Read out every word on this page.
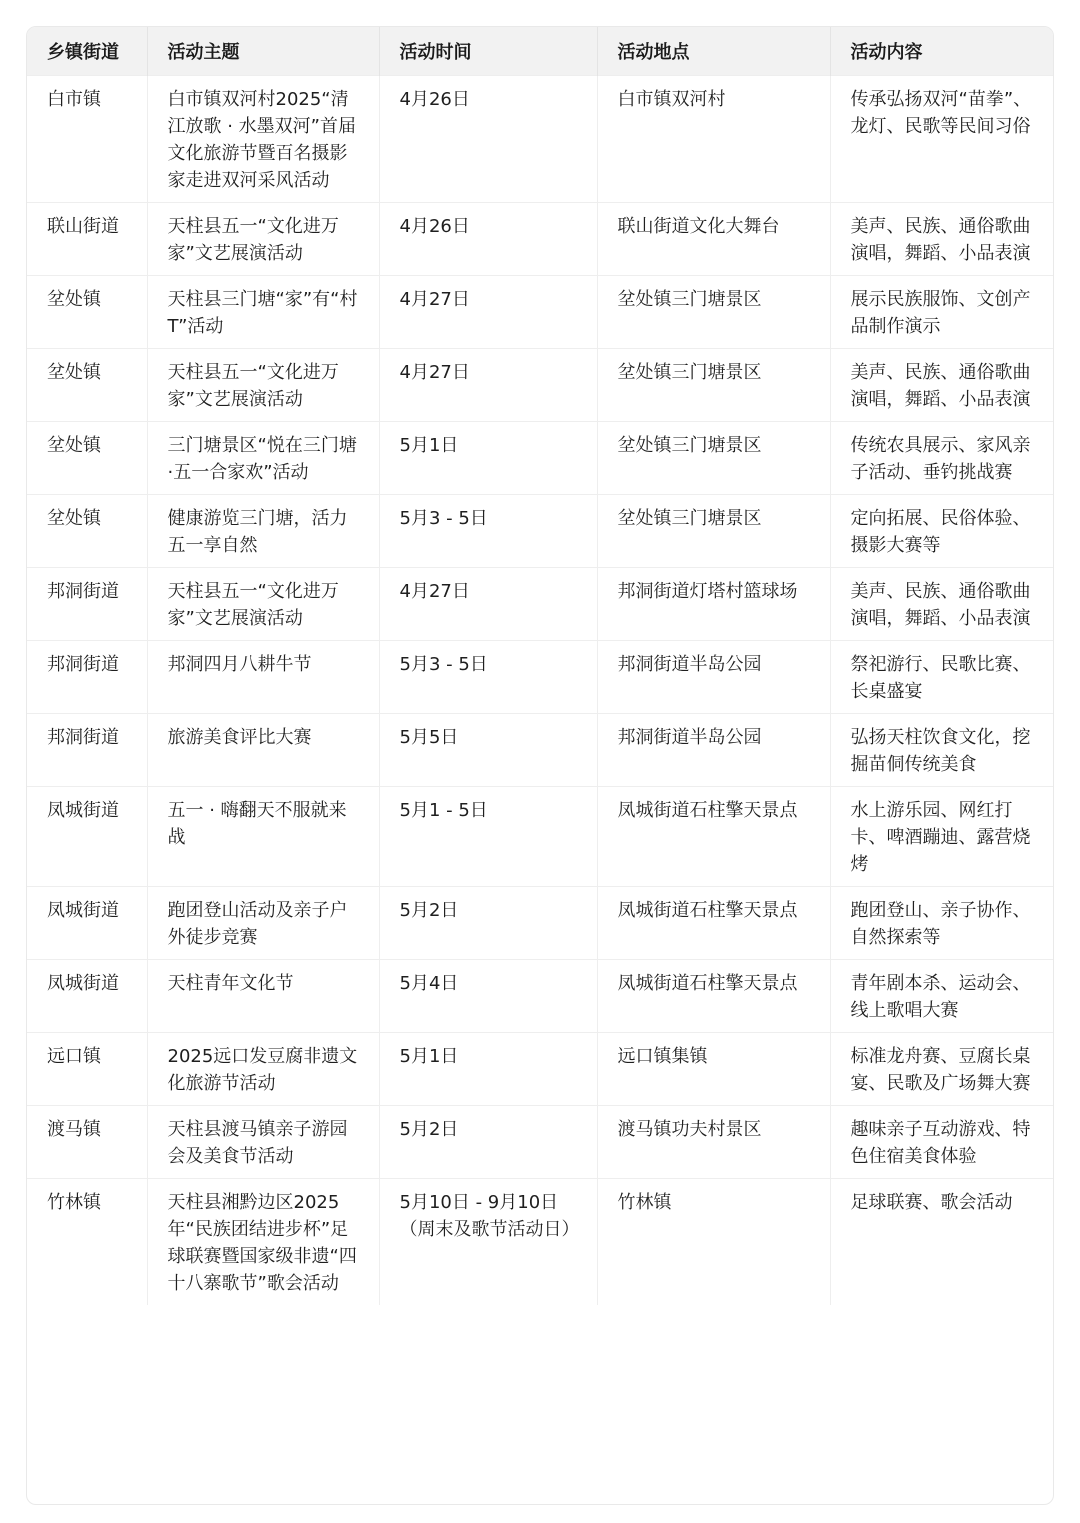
乡镇街道	活动主题	活动时间	活动地点	活动内容
白市镇	白市镇双河村2025“清江放歌 · 水墨双河”首届文化旅游节暨百名摄影家走进双河采风活动	4月26日	白市镇双河村	传承弘扬双河“苗拳”、龙灯、民歌等民间习俗
联山街道	天柱县五一“文化进万家”文艺展演活动	4月26日	联山街道文化大舞台	美声、民族、通俗歌曲演唱，舞蹈、小品表演
坌处镇	天柱县三门塘“家”有“村T”活动	4月27日	坌处镇三门塘景区	展示民族服饰、文创产品制作演示
坌处镇	天柱县五一“文化进万家”文艺展演活动	4月27日	坌处镇三门塘景区	美声、民族、通俗歌曲演唱，舞蹈、小品表演
坌处镇	三门塘景区“悦在三门塘·五一合家欢”活动	5月1日	坌处镇三门塘景区	传统农具展示、家风亲子活动、垂钓挑战赛
坌处镇	健康游览三门塘，活力五一享自然	5月3 - 5日	坌处镇三门塘景区	定向拓展、民俗体验、摄影大赛等
邦洞街道	天柱县五一“文化进万家”文艺展演活动	4月27日	邦洞街道灯塔村篮球场	美声、民族、通俗歌曲演唱，舞蹈、小品表演
邦洞街道	邦洞四月八耕牛节	5月3 - 5日	邦洞街道半岛公园	祭祀游行、民歌比赛、长桌盛宴
邦洞街道	旅游美食评比大赛	5月5日	邦洞街道半岛公园	弘扬天柱饮食文化，挖掘苗侗传统美食
凤城街道	五一 · 嗨翻天不服就来战	5月1 - 5日	凤城街道石柱擎天景点	水上游乐园、网红打卡、啤酒蹦迪、露营烧烤
凤城街道	跑团登山活动及亲子户外徒步竞赛	5月2日	凤城街道石柱擎天景点	跑团登山、亲子协作、自然探索等
凤城街道	天柱青年文化节	5月4日	凤城街道石柱擎天景点	青年剧本杀、运动会、线上歌唱大赛
远口镇	2025远口发豆腐非遗文化旅游节活动	5月1日	远口镇集镇	标准龙舟赛、豆腐长桌宴、民歌及广场舞大赛
渡马镇	天柱县渡马镇亲子游园会及美食节活动	5月2日	渡马镇功夫村景区	趣味亲子互动游戏、特色住宿美食体验
竹林镇	天柱县湘黔边区2025年“民族团结进步杯”足球联赛暨国家级非遗“四十八寨歌节”歌会活动	5月10日 - 9月10日（周末及歌节活动日）	竹林镇	足球联赛、歌会活动
